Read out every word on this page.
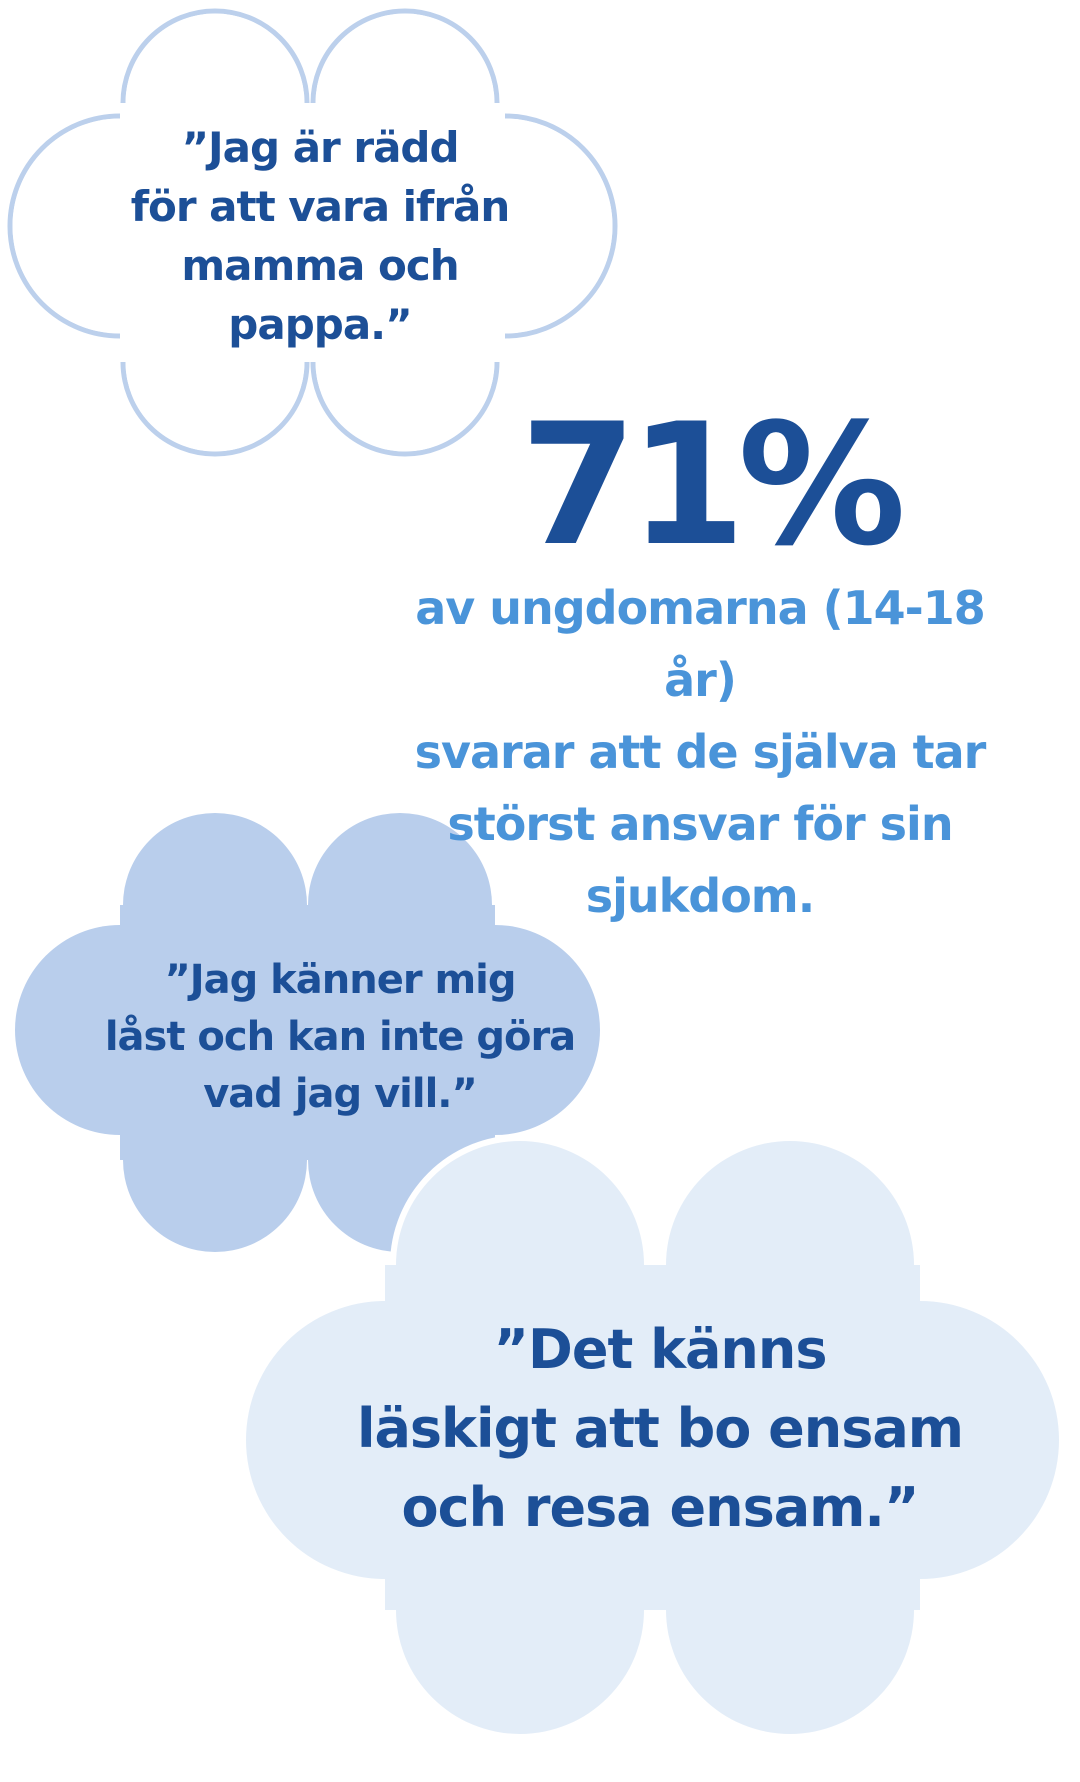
”Jag är rädd
för att vara ifrån
mamma och
pappa.”

71%

av ungdomarna (14-18 år)
svarar att de själva tar
störst ansvar för sin
sjukdom.

”Jag känner mig
låst och kan inte göra
vad jag vill.”

”Det känns
läskigt att bo ensam
och resa ensam.”
